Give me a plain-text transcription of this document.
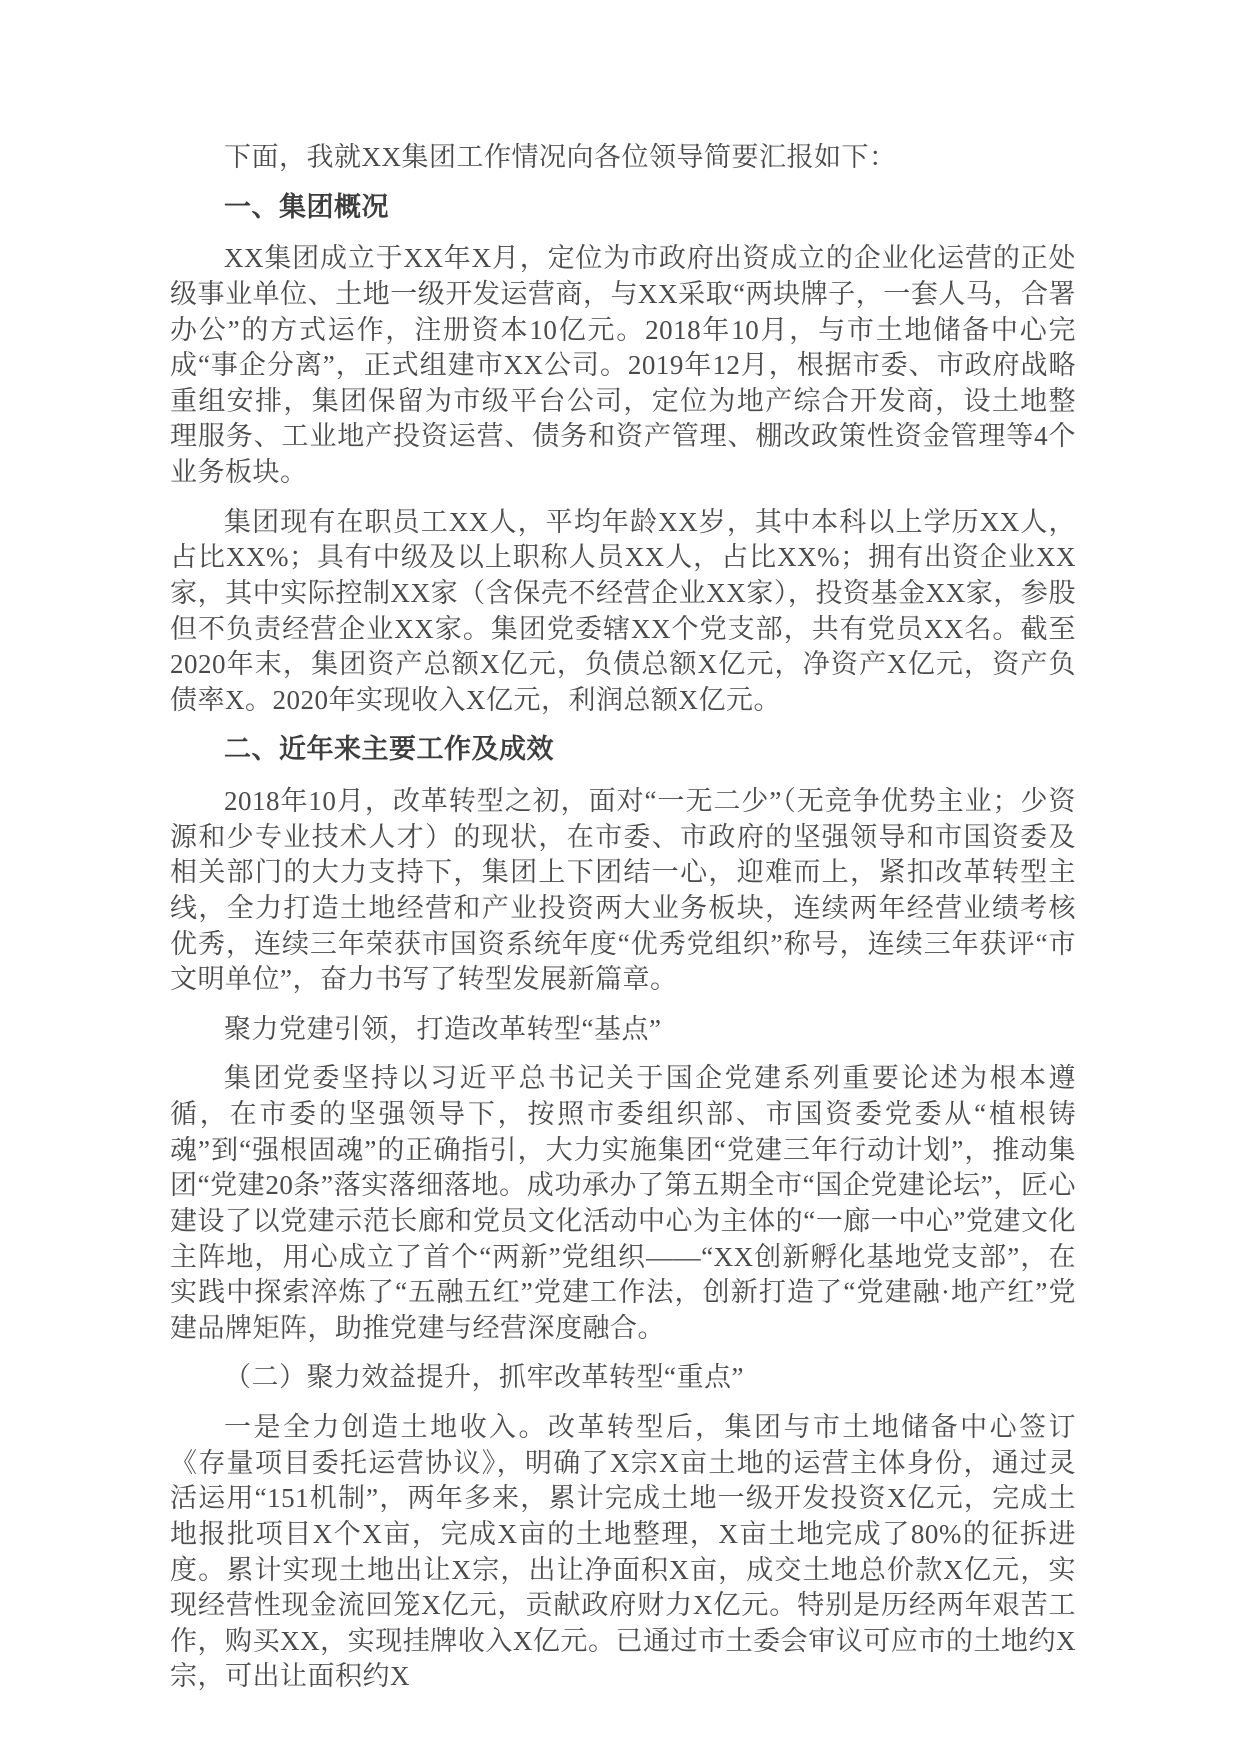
下面，我就XX集团工作情况向各位领导简要汇报如下：

一、集团概况

XX集团成立于XX年X月，定位为市政府出资成立的企业化运营的正处级事业单位、土地一级开发运营商，与XX采取“两块牌子，一套人马，合署办公”的方式运作，注册资本10亿元。2018年10月，与市土地储备中心完成“事企分离”，正式组建市XX公司。2019年12月，根据市委、市政府战略重组安排，集团保留为市级平台公司，定位为地产综合开发商，设土地整理服务、工业地产投资运营、债务和资产管理、棚改政策性资金管理等4个业务板块。

集团现有在职员工XX人，平均年龄XX岁，其中本科以上学历XX人，占比XX%；具有中级及以上职称人员XX人，占比XX%；拥有出资企业XX家，其中实际控制XX家（含保壳不经营企业XX家），投资基金XX家，参股但不负责经营企业XX家。集团党委辖XX个党支部，共有党员XX名。截至2020年末，集团资产总额X亿元，负债总额X亿元，净资产X亿元，资产负债率X。2020年实现收入X亿元，利润总额X亿元。

二、近年来主要工作及成效

2018年10月，改革转型之初，面对“一无二少”（无竞争优势主业；少资源和少专业技术人才）的现状，在市委、市政府的坚强领导和市国资委及相关部门的大力支持下，集团上下团结一心，迎难而上，紧扣改革转型主线，全力打造土地经营和产业投资两大业务板块，连续两年经营业绩考核优秀，连续三年荣获市国资系统年度“优秀党组织”称号，连续三年获评“市文明单位”，奋力书写了转型发展新篇章。

聚力党建引领，打造改革转型“基点”

集团党委坚持以习近平总书记关于国企党建系列重要论述为根本遵循，在市委的坚强领导下，按照市委组织部、市国资委党委从“植根铸魂”到“强根固魂”的正确指引，大力实施集团“党建三年行动计划”，推动集团“党建20条”落实落细落地。成功承办了第五期全市“国企党建论坛”，匠心建设了以党建示范长廊和党员文化活动中心为主体的“一廊一中心”党建文化主阵地，用心成立了首个“两新”党组织——“XX创新孵化基地党支部”，在实践中探索淬炼了“五融五红”党建工作法，创新打造了“党建融·地产红”党建品牌矩阵，助推党建与经营深度融合。

（二）聚力效益提升，抓牢改革转型“重点”

一是全力创造土地收入。改革转型后，集团与市土地储备中心签订《存量项目委托运营协议》，明确了X宗X亩土地的运营主体身份，通过灵活运用“151机制”，两年多来，累计完成土地一级开发投资X亿元，完成土地报批项目X个X亩，完成X亩的土地整理，X亩土地完成了80%的征拆进度。累计实现土地出让X宗，出让净面积X亩，成交土地总价款X亿元，实现经营性现金流回笼X亿元，贡献政府财力X亿元。特别是历经两年艰苦工作，购买XX，实现挂牌收入X亿元。已通过市土委会审议可应市的土地约X宗，可出让面积约X
